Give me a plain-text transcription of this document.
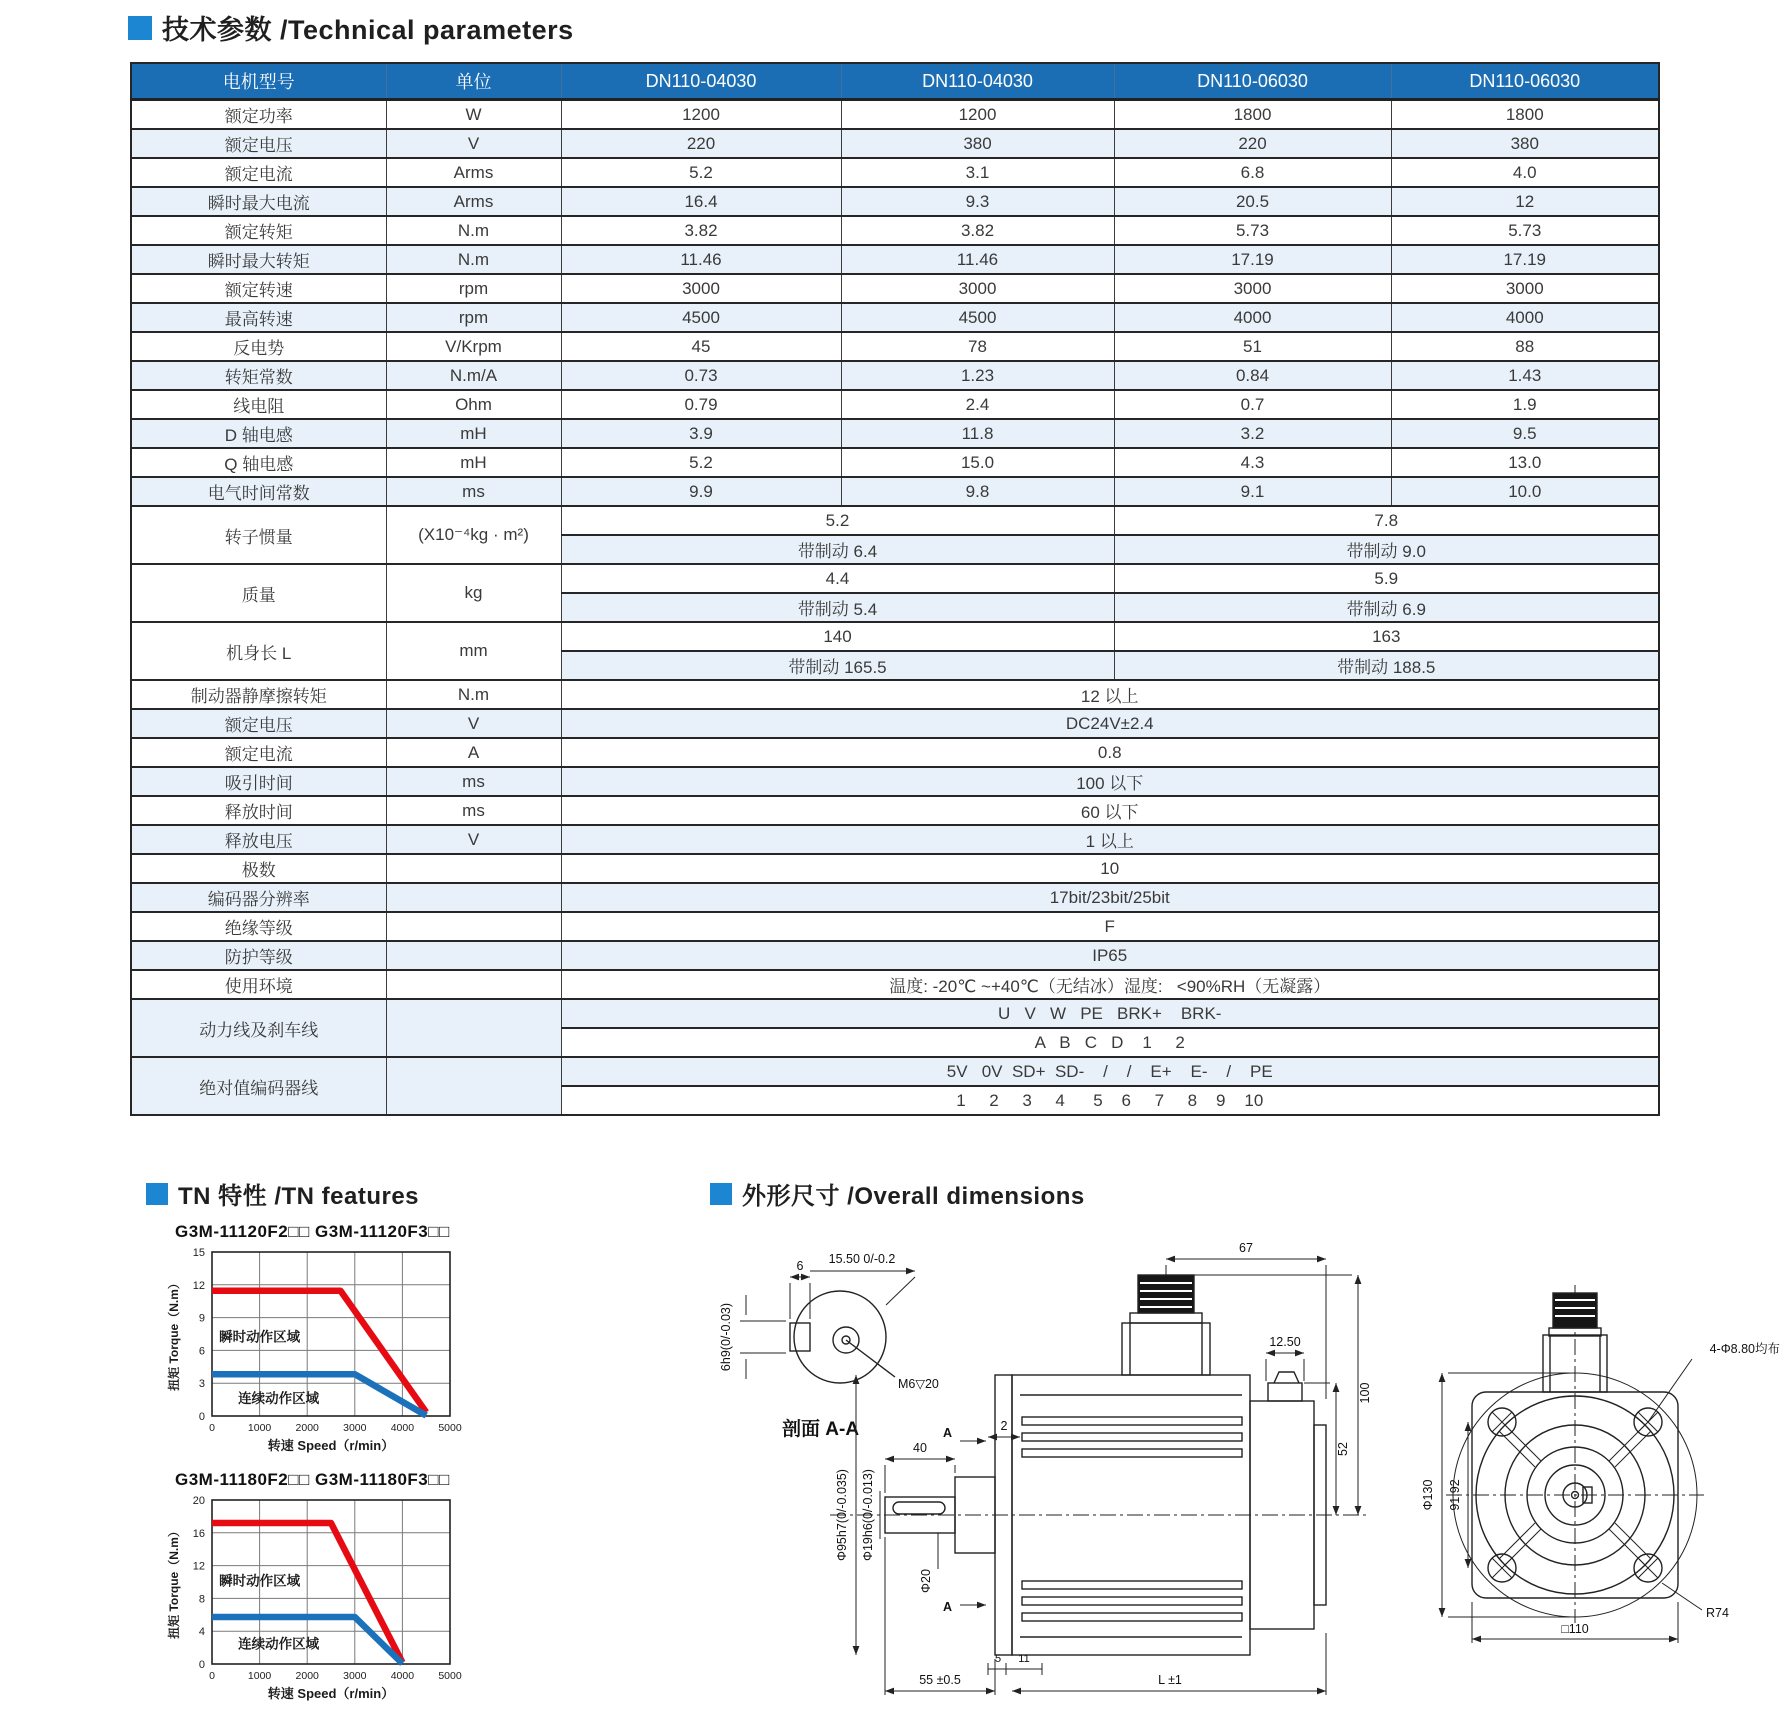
技术参数 /Technical parameters
电机型号	单位	DN110-04030	DN110-04030	DN110-06030	DN110-06030
额定功率	W	1200	1200	1800	1800
额定电压	V	220	380	220	380
额定电流	Arms	5.2	3.1	6.8	4.0
瞬时最大电流	Arms	16.4	9.3	20.5	12
额定转矩	N.m	3.82	3.82	5.73	5.73
瞬时最大转矩	N.m	11.46	11.46	17.19	17.19
额定转速	rpm	3000	3000	3000	3000
最高转速	rpm	4500	4500	4000	4000
反电势	V/Krpm	45	78	51	88
转矩常数	N.m/A	0.73	1.23	0.84	1.43
线电阻	Ohm	0.79	2.4	0.7	1.9
D 轴电感	mH	3.9	11.8	3.2	9.5
Q 轴电感	mH	5.2	15.0	4.3	13.0
电气时间常数	ms	9.9	9.8	9.1	10.0
转子惯量	(X10⁻⁴kg · m²)	5.2		7.8	
		带制动 6.4		带制动 9.0	
质量	kg	4.4		5.9	
		带制动 5.4		带制动 6.9	
机身长 L	mm	140		163	
		带制动 165.5		带制动 188.5	
制动器静摩擦转矩	N.m	12 以上			
额定电压	V	DC24V±2.4			
额定电流	A	0.8			
吸引时间	ms	100 以下			
释放时间	ms	60 以下			
释放电压	V	1 以上			
极数		10			
编码器分辨率		17bit/23bit/25bit			
绝缘等级		F			
防护等级		IP65			
使用环境		温度: -20℃ ~+40℃（无结冰）湿度:   <90%RH（无凝露）			
动力线及刹车线		U   V   W   PE   BRK+    BRK-			
		A   B   C   D    1     2			
绝对值编码器线		5V   0V  SD+  SD-    /    /    E+    E-    /    PE			
		1     2     3     4      5    6     7     8    9    10			
TN 特性 /TN features
G3M-11120F2□□ G3M-11120F3□□
0	1000 2000 3000 4000 5000
0
3
6
9
12
15
瞬时动作区域
连续动作区域
转速 Speed（r/min）
扭矩 Torque（N.m）
G3M-11180F2□□ G3M-11180F3□□
0	1000 2000 3000 4000 5000
0
4
8
12
16
20
瞬时动作区域
连续动作区域
转速 Speed（r/min）
扭矩 Torque（N.m）
外形尺寸 /Overall dimensions
6 15.50 0/-0.2
6h9(0/-0.03)
M6▽20
剖面 A-A
67
12.50
100
52
40
2
A
A
Φ95h7(0/-0.035) Φ19h6(0/-0.013)
Φ20
5 11
55 ±0.5	L ±1
4-Φ8.80均布
Φ130 91.92
R74
□110
